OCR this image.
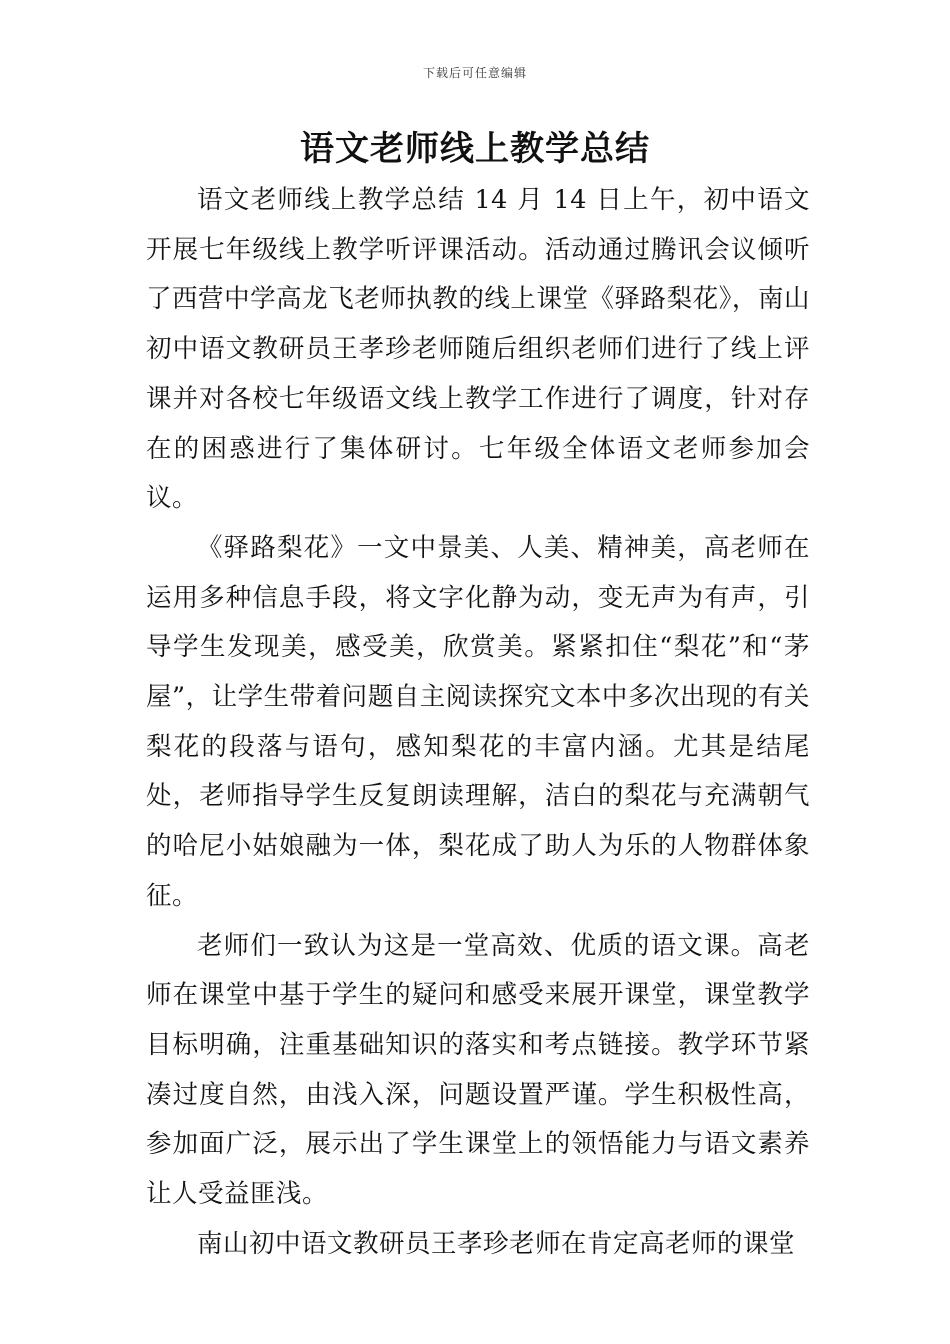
下载后可任意编辑
语文老师线上教学总结

语文老师线上教学总结 14 月 14 日上午，初中语文开展七年级线上教学听评课活动。活动通过腾讯会议倾听了西营中学高龙飞老师执教的线上课堂《驿路梨花》，南山初中语文教研员王孝珍老师随后组织老师们进行了线上评课并对各校七年级语文线上教学工作进行了调度，针对存在的困惑进行了集体研讨。七年级全体语文老师参加会议。

《驿路梨花》一文中景美、人美、精神美，高老师在运用多种信息手段，将文字化静为动，变无声为有声，引导学生发现美，感受美，欣赏美。紧紧扣住“梨花”和“茅屋”，让学生带着问题自主阅读探究文本中多次出现的有关梨花的段落与语句，感知梨花的丰富内涵。尤其是结尾处，老师指导学生反复朗读理解，洁白的梨花与充满朝气的哈尼小姑娘融为一体，梨花成了助人为乐的人物群体象征。

老师们一致认为这是一堂高效、优质的语文课。高老师在课堂中基于学生的疑问和感受来展开课堂，课堂教学目标明确，注重基础知识的落实和考点链接。教学环节紧凑过度自然，由浅入深，问题设置严谨。学生积极性高，参加面广泛，展示出了学生课堂上的领悟能力与语文素养让人受益匪浅。

南山初中语文教研员王孝珍老师在肯定高老师的课堂
